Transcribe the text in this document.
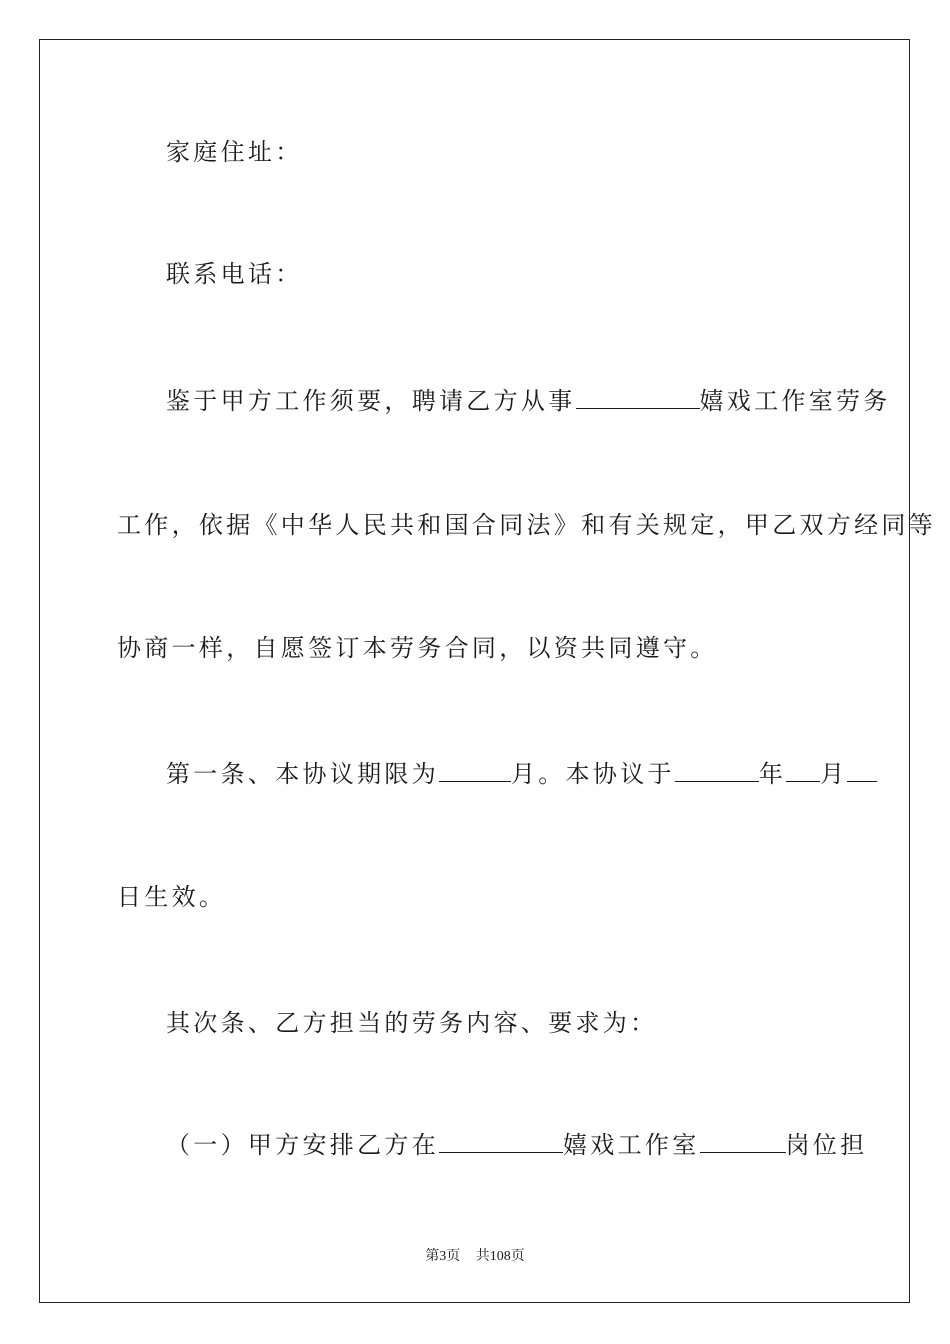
家庭住址：
联系电话：
鉴于甲方工作须要，聘请乙方从事	嬉戏工作室劳务
工作，依据《中华人民共和国合同法》和有关规定，甲乙双方经同等
协商一样，自愿签订本劳务合同，以资共同遵守。
第一条、本协议期限为	月。本协议于	年 月
日生效。
其次条、乙方担当的劳务内容、要求为：
（一）甲方安排乙方在	嬉戏工作室	岗位担
第3页 共108页
